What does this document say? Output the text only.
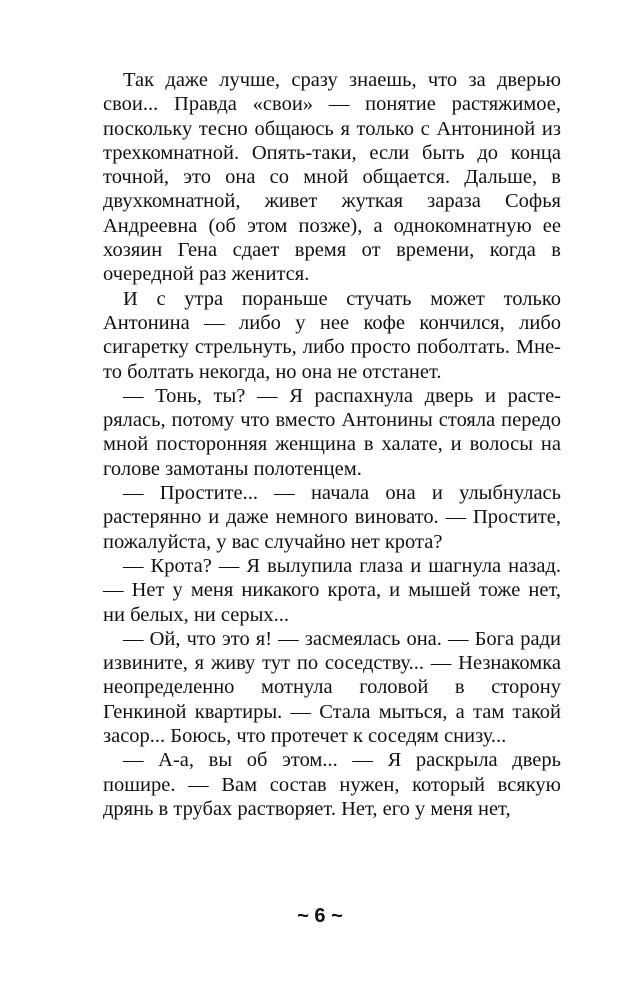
Так даже лучше, сразу знаешь, что за дверью свои... Правда «свои» — понятие растяжимое, поскольку тесно общаюсь я только с Антониной из трехкомнатной. Опять-таки, если быть до конца точной, это она со мной общается. Дальше, в двухкомнатной, живет жуткая зараза Софья Андреевна (об этом позже), а однокомнатную ее хозяин Гена сдает время от времени, когда в очередной раз женится.

И с утра пораньше стучать может только Антонина — либо у нее кофе кончился, либо сигаретку стрельнуть, либо просто поболтать. Мне-то болтать некогда, но она не отстанет.

— Тонь, ты? — Я распахнула дверь и растерялась, потому что вместо Антонины стояла передо мной посторонняя женщина в халате, и волосы на голове замотаны полотенцем.

— Простите... — начала она и улыбнулась растерянно и даже немного виновато. — Простите, пожалуйста, у вас случайно нет крота?

— Крота? — Я вылупила глаза и шагнула назад. — Нет у меня никакого крота, и мышей тоже нет, ни белых, ни серых...

— Ой, что это я! — засмеялась она. — Бога ради извините, я живу тут по соседству... — Незнакомка неопределенно мотнула головой в сторону Генкиной квартиры. — Стала мыться, а там такой засор... Боюсь, что протечет к соседям снизу...

— А-а, вы об этом... — Я раскрыла дверь пошире. — Вам состав нужен, который всякую дрянь в трубах растворяет. Нет, его у меня нет,

~ 6 ~
